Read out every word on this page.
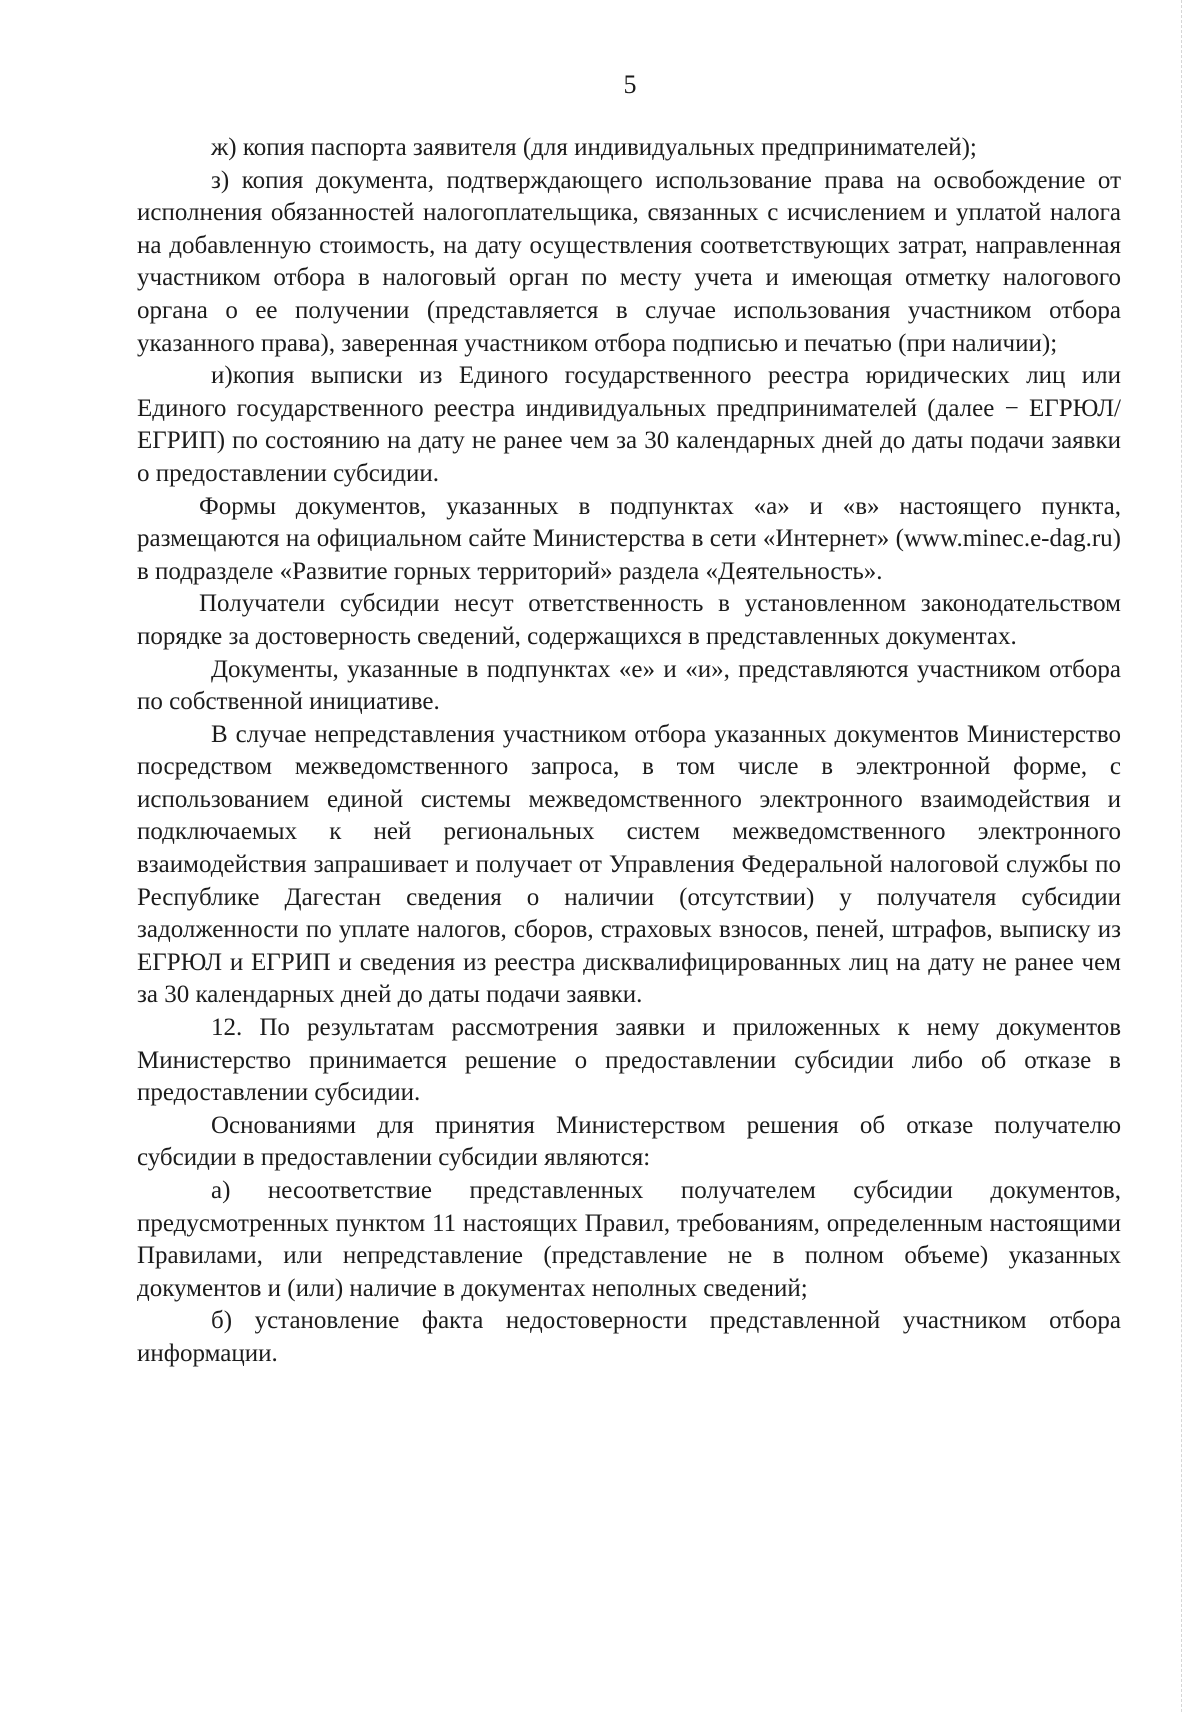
5

ж) копия паспорта заявителя (для индивидуальных предпринимателей);

з) копия документа, подтверждающего использование права на освобождение от исполнения обязанностей налогоплательщика, связанных с исчислением и уплатой налога на добавленную стоимость, на дату осуществления соответствующих затрат, направленная участником отбора в налоговый орган по месту учета и имеющая отметку налогового органа о ее получении (представляется в случае использования участником отбора указанного права), заверенная участником отбора подписью и печатью (при наличии);

и)копия выписки из Единого государственного реестра юридических лиц или Единого государственного реестра индивидуальных предпринимателей (далее − ЕГРЮЛ/ЕГРИП) по состоянию на дату не ранее чем за 30 календарных дней до даты подачи заявки о предоставлении субсидии.

Формы документов, указанных в подпунктах «а» и «в» настоящего пункта, размещаются на официальном сайте Министерства в сети «Интернет» (www.minec.e-dag.ru) в подразделе «Развитие горных территорий» раздела «Деятельность».

Получатели субсидии несут ответственность в установленном законодательством порядке за достоверность сведений, содержащихся в представленных документах.

Документы, указанные в подпунктах «е» и «и», представляются участником отбора по собственной инициативе.

В случае непредставления участником отбора указанных документов Министерство посредством межведомственного запроса, в том числе в электронной форме, с использованием единой системы межведомственного электронного взаимодействия и подключаемых к ней региональных систем межведомственного электронного взаимодействия запрашивает и получает от Управления Федеральной налоговой службы по Республике Дагестан сведения о наличии (отсутствии) у получателя субсидии задолженности по уплате налогов, сборов, страховых взносов, пеней, штрафов, выписку из ЕГРЮЛ и ЕГРИП и сведения из реестра дисквалифицированных лиц на дату не ранее чем за 30 календарных дней до даты подачи заявки.

12. По результатам рассмотрения заявки и приложенных к нему документов Министерство принимается решение о предоставлении субсидии либо об отказе в предоставлении субсидии.

Основаниями для принятия Министерством решения об отказе получателю субсидии в предоставлении субсидии являются:

а) несоответствие представленных получателем субсидии документов, предусмотренных пунктом 11 настоящих Правил, требованиям, определенным настоящими Правилами, или непредставление (представление не в полном объеме) указанных документов и (или) наличие в документах неполных сведений;

б) установление факта недостоверности представленной участником отбора информации.
